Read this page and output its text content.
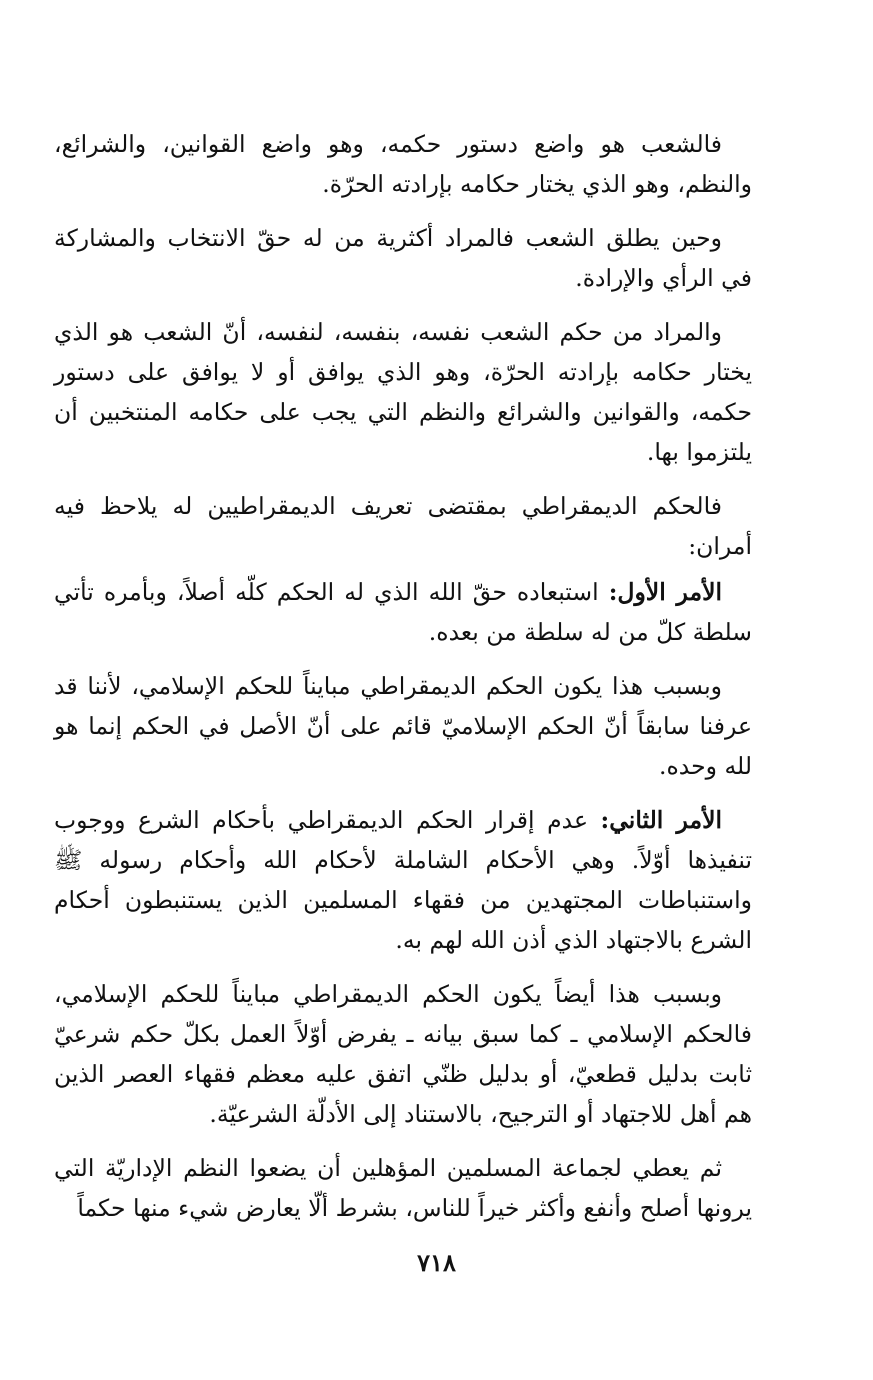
فالشعب هو واضع دستور حكمه، وهو واضع القوانين، والشرائع، والنظم، وهو الذي يختار حكامه بإرادته الحرّة.

وحين يطلق الشعب فالمراد أكثرية من له حقّ الانتخاب والمشاركة في الرأي والإرادة.

والمراد من حكم الشعب نفسه، بنفسه، لنفسه، أنّ الشعب هو الذي يختار حكامه بإرادته الحرّة، وهو الذي يوافق أو لا يوافق على دستور حكمه، والقوانين والشرائع والنظم التي يجب على حكامه المنتخبين أن يلتزموا بها.

فالحكم الديمقراطي بمقتضى تعريف الديمقراطيين له يلاحظ فيه أمران:

الأمر الأول: استبعاده حقّ الله الذي له الحكم كلّه أصلاً، وبأمره تأتي سلطة كلّ من له سلطة من بعده.

وبسبب هذا يكون الحكم الديمقراطي مبايناً للحكم الإسلامي، لأننا قد عرفنا سابقاً أنّ الحكم الإسلاميّ قائم على أنّ الأصل في الحكم إنما هو لله وحده.

الأمر الثاني: عدم إقرار الحكم الديمقراطي بأحكام الشرع ووجوب تنفيذها أوّلاً. وهي الأحكام الشاملة لأحكام الله وأحكام رسوله ﷺ واستنباطات المجتهدين من فقهاء المسلمين الذين يستنبطون أحكام الشرع بالاجتهاد الذي أذن الله لهم به.

وبسبب هذا أيضاً يكون الحكم الديمقراطي مبايناً للحكم الإسلامي، فالحكم الإسلامي ـ كما سبق بيانه ـ يفرض أوّلاً العمل بكلّ حكم شرعيّ ثابت بدليل قطعيّ، أو بدليل ظنّي اتفق عليه معظم فقهاء العصر الذين هم أهل للاجتهاد أو الترجيح، بالاستناد إلى الأدلّة الشرعيّة.

ثم يعطي لجماعة المسلمين المؤهلين أن يضعوا النظم الإداريّة التي يرونها أصلح وأنفع وأكثر خيراً للناس، بشرط ألّا يعارض شيء منها حكماً

٧١٨
